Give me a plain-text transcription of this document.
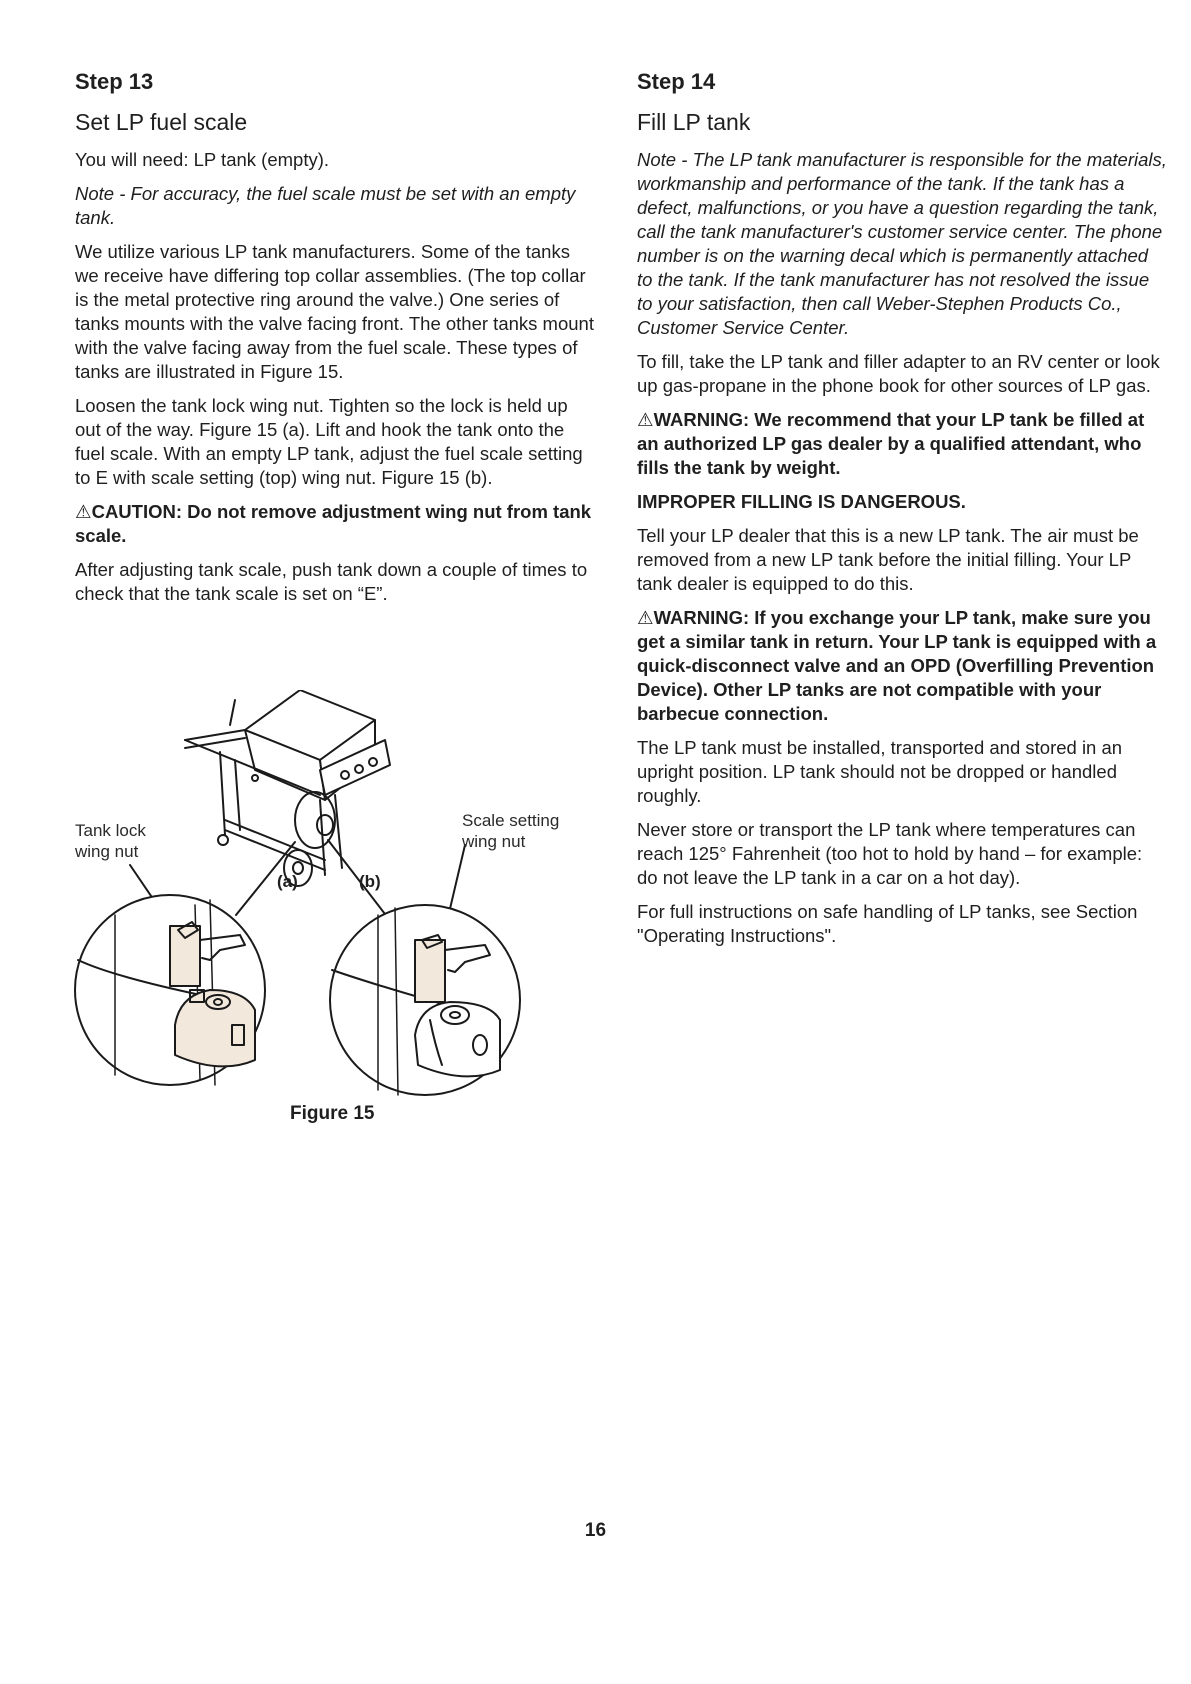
Step 13
Set LP fuel scale

You will need: LP tank (empty).

Note - For accuracy, the fuel scale must be set with an empty tank.

We utilize various LP tank manufacturers. Some of the tanks we receive have differing top collar assemblies. (The top collar is the metal protective ring around the valve.) One series of tanks mounts with the valve facing front. The other tanks mount with the valve facing away from the fuel scale. These types of tanks are illustrated in Figure 15.

Loosen the tank lock wing nut. Tighten so the lock is held up out of the way. Figure 15 (a). Lift and hook the tank onto the fuel scale. With an empty LP tank, adjust the fuel scale setting to E with scale setting (top) wing nut. Figure 15 (b).

⚠CAUTION: Do not remove adjustment wing nut from tank scale.

After adjusting tank scale, push tank down a couple of times to check that the tank scale is set on “E”.

Tank lock
wing nut
Scale setting
wing nut
(a)	(b)
Figure 15
Step 14
Fill LP tank

Note - The LP tank manufacturer is responsible for the materials, workmanship and performance of the tank. If the tank has a defect, malfunctions, or you have a question regarding the tank, call the tank manufacturer's customer service center. The phone number is on the warning decal which is permanently attached to the tank. If the tank manufacturer has not resolved the issue to your satisfaction, then call Weber-Stephen Products Co., Customer Service Center.

To fill, take the LP tank and filler adapter to an RV center or look up gas-propane in the phone book for other sources of LP gas.

⚠WARNING: We recommend that your LP tank be filled at an authorized LP gas dealer by a qualified attendant, who fills the tank by weight.

IMPROPER FILLING IS DANGEROUS.

Tell your LP dealer that this is a new LP tank. The air must be removed from a new LP tank before the initial filling. Your LP tank dealer is equipped to do this.

⚠WARNING: If you exchange your LP tank, make sure you get a similar tank in return. Your LP tank is equipped with a quick-disconnect valve and an OPD (Overfilling Prevention Device). Other LP tanks are not compatible with your barbecue connection.

The LP tank must be installed, transported and stored in an upright position. LP tank should not be dropped or handled roughly.

Never store or transport the LP tank where temperatures can reach 125° Fahrenheit (too hot to hold by hand – for example: do not leave the LP tank in a car on a hot day).

For full instructions on safe handling of LP tanks, see Section "Operating Instructions".

16
